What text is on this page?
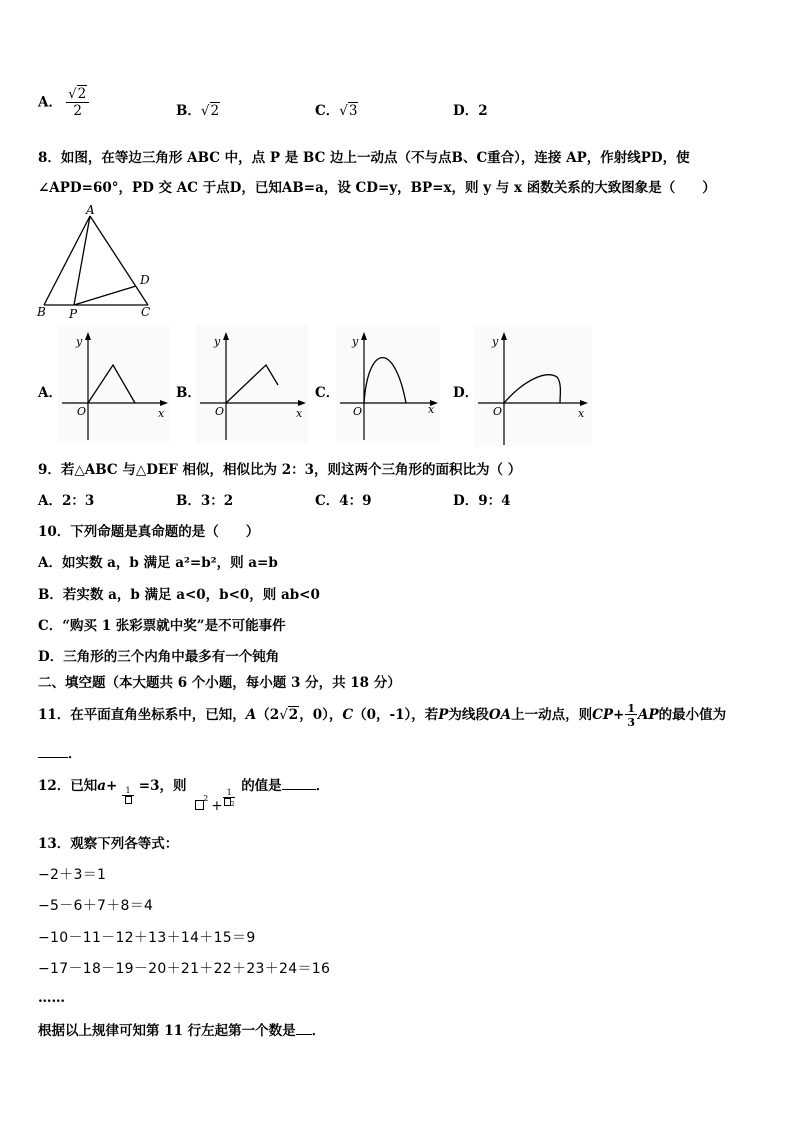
A． $\frac{√2}{2}$	B．√2	C．√3	D．2
8．如图，在等边三角形 ABC 中，点 P 是 BC 边上一动点（不与点B、C重合），连接 AP，作射线PD，使
∠APD=60°，PD 交 AC 于点D，已知AB=a，设 CD=y，BP=x，则 y 与 x 函数关系的大致图象是（　　）
A
B	C
D
P
A．
y
O	x
B．
y
O	x
C．
y
O	x
D．
y
O	x
9．若△ABC 与△DEF 相似，相似比为 2：3，则这两个三角形的面积比为（ ）
A．2：3	B．3：2	C．4：9	D．9：4
10．下列命题是真命题的是（　　）
A．如实数 a，b 满足 a²=b²，则 a=b
B．若实数 a，b 满足 a<0，b<0，则 ab<0
C．“购买 1 张彩票就中奖”是不可能事件
D．三角形的三个内角中最多有一个钝角
二、填空题（本大题共 6 个小题，每小题 3 分，共 18 分）
11．在平面直角坐标系中，已知，A（2√2，0），C（0，-1），若P为线段OA上一动点，则$CP+ \frac{1}{3}$ AP的最小值为
．
12．已知a+	1 =3，则
2 +
1
2
的值是	．
13．观察下列各等式：
−2＋3＝1
−5－6＋7＋8＝4
−10－11－12＋13＋14＋15＝9
−17－18－19－20＋21＋22＋23＋24＝16
……
根据以上规律可知第 11 行左起第一个数是 ．
